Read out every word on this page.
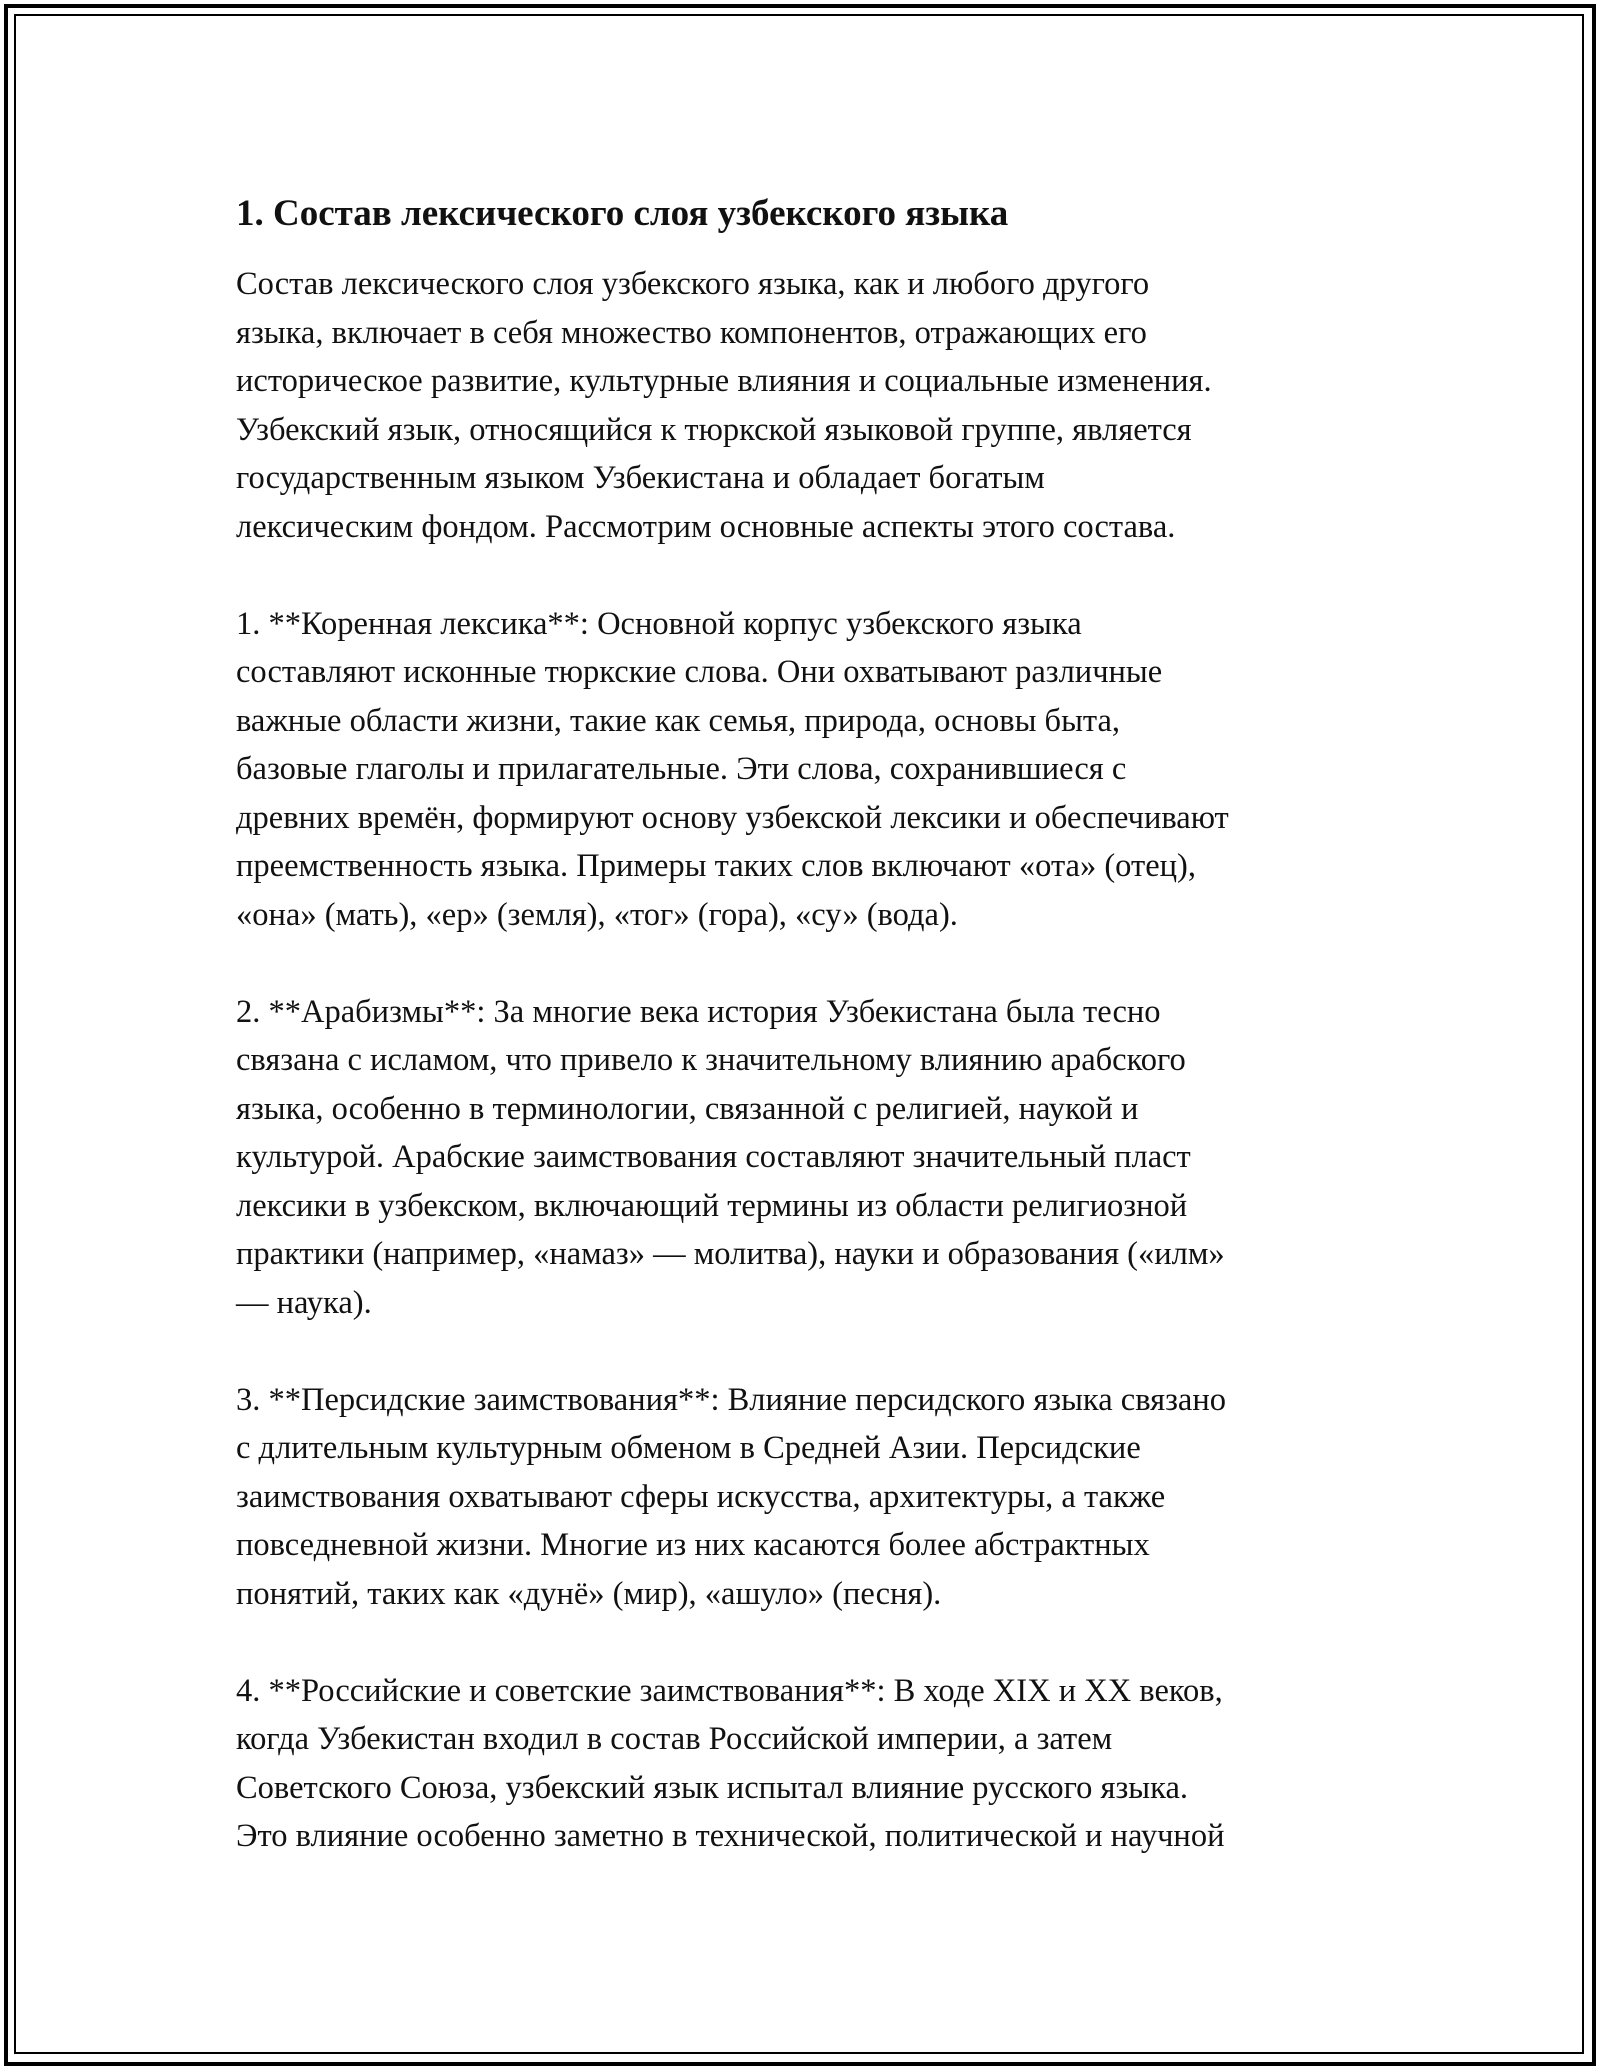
1. Состав лексического слоя узбекского языка

Состав лексического слоя узбекского языка, как и любого другого
языка, включает в себя множество компонентов, отражающих его
историческое развитие, культурные влияния и социальные изменения.
Узбекский язык, относящийся к тюркской языковой группе, является
государственным языком Узбекистана и обладает богатым
лексическим фондом. Рассмотрим основные аспекты этого состава.

1. **Коренная лексика**: Основной корпус узбекского языка
составляют исконные тюркские слова. Они охватывают различные
важные области жизни, такие как семья, природа, основы быта,
базовые глаголы и прилагательные. Эти слова, сохранившиеся с
древних времён, формируют основу узбекской лексики и обеспечивают
преемственность языка. Примеры таких слов включают «ота» (отец),
«она» (мать), «ер» (земля), «тог» (гора), «су» (вода).

2. **Арабизмы**: За многие века история Узбекистана была тесно
связана с исламом, что привело к значительному влиянию арабского
языка, особенно в терминологии, связанной с религией, наукой и
культурой. Арабские заимствования составляют значительный пласт
лексики в узбекском, включающий термины из области религиозной
практики (например, «намаз» — молитва), науки и образования («илм»
— наука).

3. **Персидские заимствования**: Влияние персидского языка связано
с длительным культурным обменом в Средней Азии. Персидские
заимствования охватывают сферы искусства, архитектуры, а также
повседневной жизни. Многие из них касаются более абстрактных
понятий, таких как «дунё» (мир), «ашуло» (песня).

4. **Российские и советские заимствования**: В ходе XIX и XX веков,
когда Узбекистан входил в состав Российской империи, а затем
Советского Союза, узбекский язык испытал влияние русского языка.
Это влияние особенно заметно в технической, политической и научной
